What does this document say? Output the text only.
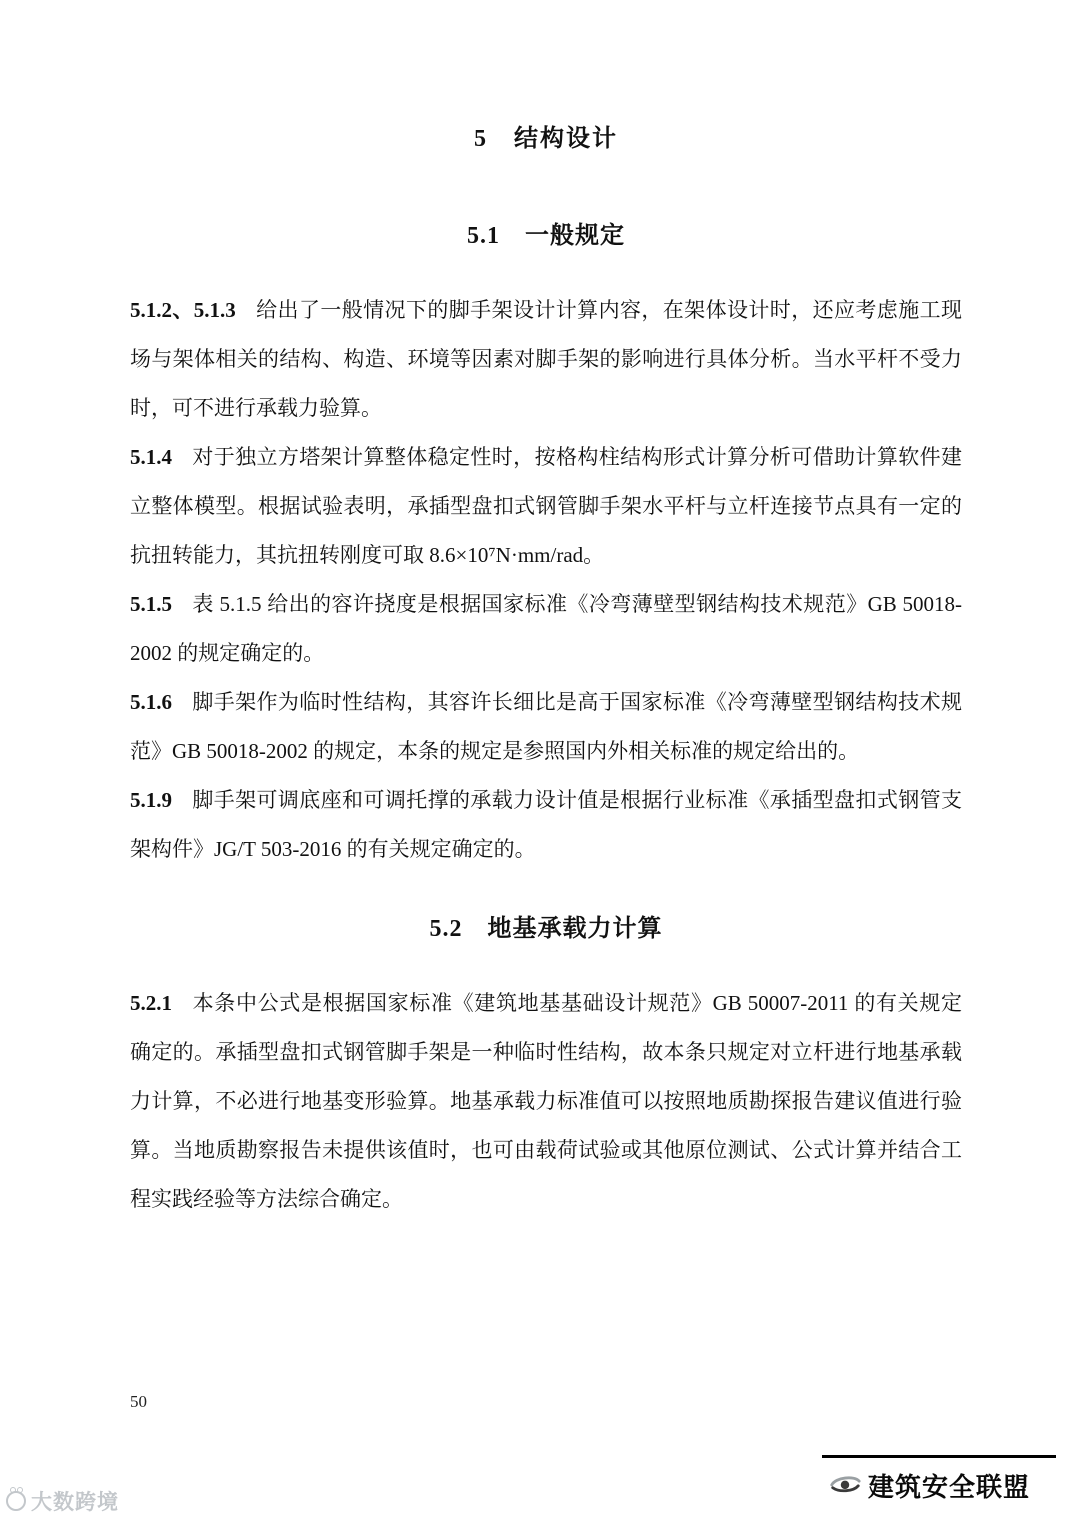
5　结构设计
5.1　一般规定

5.1.2、5.1.3 给出了一般情况下的脚手架设计计算内容，在架体设计时，还应考虑施工现场与架体相关的结构、构造、环境等因素对脚手架的影响进行具体分析。当水平杆不受力时，可不进行承载力验算。

5.1.4 对于独立方塔架计算整体稳定性时，按格构柱结构形式计算分析可借助计算软件建立整体模型。根据试验表明，承插型盘扣式钢管脚手架水平杆与立杆连接节点具有一定的抗扭转能力，其抗扭转刚度可取 8.6×10⁷N·mm/rad。

5.1.5 表 5.1.5 给出的容许挠度是根据国家标准《冷弯薄壁型钢结构技术规范》GB 50018-2002 的规定确定的。

5.1.6 脚手架作为临时性结构，其容许长细比是高于国家标准《冷弯薄壁型钢结构技术规范》GB 50018-2002 的规定，本条的规定是参照国内外相关标准的规定给出的。

5.1.9 脚手架可调底座和可调托撑的承载力设计值是根据行业标准《承插型盘扣式钢管支架构件》JG/T 503-2016 的有关规定确定的。

5.2　地基承载力计算

5.2.1 本条中公式是根据国家标准《建筑地基基础设计规范》GB 50007-2011 的有关规定确定的。承插型盘扣式钢管脚手架是一种临时性结构，故本条只规定对立杆进行地基承载力计算，不必进行地基变形验算。地基承载力标准值可以按照地质勘探报告建议值进行验算。当地质勘察报告未提供该值时，也可由载荷试验或其他原位测试、公式计算并结合工程实践经验等方法综合确定。

50
建筑安全联盟
大数跨境
